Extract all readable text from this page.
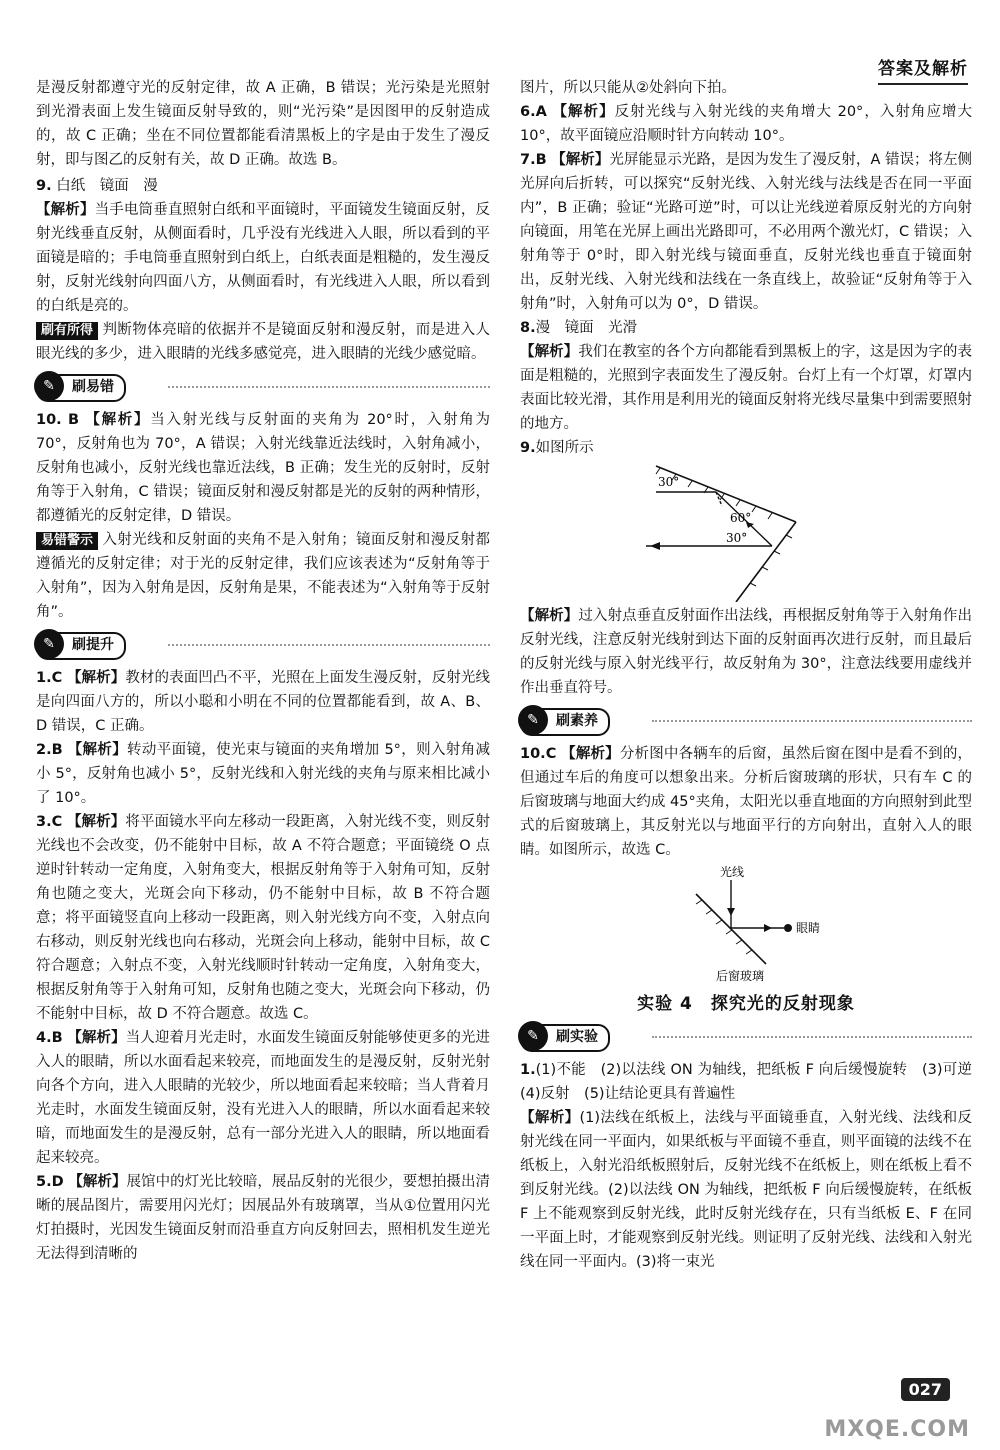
答案及解析

是漫反射都遵守光的反射定律，故 A 正确，B 错误；光污染是光照射到光滑表面上发生镜面反射导致的，则“光污染”是因图甲的反射造成的，故 C 正确；坐在不同位置都能看清黑板上的字是由于发生了漫反射，即与图乙的反射有关，故 D 正确。故选 B。

9. 白纸　镜面　漫

【解析】当手电筒垂直照射白纸和平面镜时，平面镜发生镜面反射，反射光线垂直反射，从侧面看时，几乎没有光线进入人眼，所以看到的平面镜是暗的；手电筒垂直照射到白纸上，白纸表面是粗糙的，发生漫反射，反射光线射向四面八方，从侧面看时，有光线进入人眼，所以看到的白纸是亮的。

刷有所得 判断物体亮暗的依据并不是镜面反射和漫反射，而是进入人眼光线的多少，进入眼睛的光线多感觉亮，进入眼睛的光线少感觉暗。

✎	刷易错

10. B 【解析】当入射光线与反射面的夹角为 20°时，入射角为 70°，反射角也为 70°，A 错误；入射光线靠近法线时，入射角减小，反射角也减小，反射光线也靠近法线，B 正确；发生光的反射时，反射角等于入射角，C 错误；镜面反射和漫反射都是光的反射的两种情形，都遵循光的反射定律，D 错误。

易错警示 入射光线和反射面的夹角不是入射角；镜面反射和漫反射都遵循光的反射定律；对于光的反射定律，我们应该表述为“反射角等于入射角”，因为入射角是因，反射角是果，不能表述为“入射角等于反射角”。

✎	刷提升

1.C 【解析】教材的表面凹凸不平，光照在上面发生漫反射，反射光线是向四面八方的，所以小聪和小明在不同的位置都能看到，故 A、B、D 错误，C 正确。

2.B 【解析】转动平面镜，使光束与镜面的夹角增加 5°，则入射角减小 5°，反射角也减小 5°，反射光线和入射光线的夹角与原来相比减小了 10°。

3.C 【解析】将平面镜水平向左移动一段距离，入射光线不变，则反射光线也不会改变，仍不能射中目标，故 A 不符合题意；平面镜绕 O 点逆时针转动一定角度，入射角变大，根据反射角等于入射角可知，反射角也随之变大，光斑会向下移动，仍不能射中目标，故 B 不符合题意；将平面镜竖直向上移动一段距离，则入射光线方向不变，入射点向右移动，则反射光线也向右移动，光斑会向上移动，能射中目标，故 C 符合题意；入射点不变，入射光线顺时针转动一定角度，入射角变大，根据反射角等于入射角可知，反射角也随之变大，光斑会向下移动，仍不能射中目标，故 D 不符合题意。故选 C。

4.B 【解析】当人迎着月光走时，水面发生镜面反射能够使更多的光进入人的眼睛，所以水面看起来较亮，而地面发生的是漫反射，反射光射向各个方向，进入人眼睛的光较少，所以地面看起来较暗；当人背着月光走时，水面发生镜面反射，没有光进入人的眼睛，所以水面看起来较暗，而地面发生的是漫反射，总有一部分光进入人的眼睛，所以地面看起来较亮。

5.D 【解析】展馆中的灯光比较暗，展品反射的光很少，要想拍摄出清晰的展品图片，需要用闪光灯；因展品外有玻璃罩，当从①位置用闪光灯拍摄时，光因发生镜面反射而沿垂直方向反射回去，照相机发生逆光无法得到清晰的

图片，所以只能从②处斜向下拍。

6.A 【解析】反射光线与入射光线的夹角增大 20°，入射角应增大 10°，故平面镜应沿顺时针方向转动 10°。

7.B 【解析】光屏能显示光路，是因为发生了漫反射，A 错误；将左侧光屏向后折转，可以探究“反射光线、入射光线与法线是否在同一平面内”，B 正确；验证“光路可逆”时，可以让光线逆着原反射光的方向射向镜面，用笔在光屏上画出光路即可，不必用两个激光灯，C 错误；入射角等于 0°时，即入射光线与镜面垂直，反射光线也垂直于镜面射出，反射光线、入射光线和法线在一条直线上，故验证“反射角等于入射角”时，入射角可以为 0°，D 错误。

8.漫　镜面　光滑

【解析】我们在教室的各个方向都能看到黑板上的字，这是因为字的表面是粗糙的，光照到字表面发生了漫反射。台灯上有一个灯罩，灯罩内表面比较光滑，其作用是利用光的镜面反射将光线尽量集中到需要照射的地方。

9.如图所示

30°
60°
30°

【解析】过入射点垂直反射面作出法线，再根据反射角等于入射角作出反射光线，注意反射光线射到达下面的反射面再次进行反射，而且最后的反射光线与原入射光线平行，故反射角为 30°，注意法线要用虚线并作出垂直符号。

✎	刷素养

10.C 【解析】分析图中各辆车的后窗，虽然后窗在图中是看不到的，但通过车后的角度可以想象出来。分析后窗玻璃的形状，只有车 C 的后窗玻璃与地面大约成 45°夹角，太阳光以垂直地面的方向照射到此型式的后窗玻璃上，其反射光以与地面平行的方向射出，直射入人的眼睛。如图所示，故选 C。

光线
眼睛
后窗玻璃
实验 4　探究光的反射现象
✎	刷实验

1.(1)不能　(2)以法线 ON 为轴线，把纸板 F 向后缓慢旋转　(3)可逆　(4)反射　(5)让结论更具有普遍性

【解析】(1)法线在纸板上，法线与平面镜垂直，入射光线、法线和反射光线在同一平面内，如果纸板与平面镜不垂直，则平面镜的法线不在纸板上，入射光沿纸板照射后，反射光线不在纸板上，则在纸板上看不到反射光线。(2)以法线 ON 为轴线，把纸板 F 向后缓慢旋转，在纸板 F 上不能观察到反射光线，此时反射光线存在，只有当纸板 E、F 在同一平面上时，才能观察到反射光线。则证明了反射光线、法线和入射光线在同一平面内。(3)将一束光

027
MXQE.COM
